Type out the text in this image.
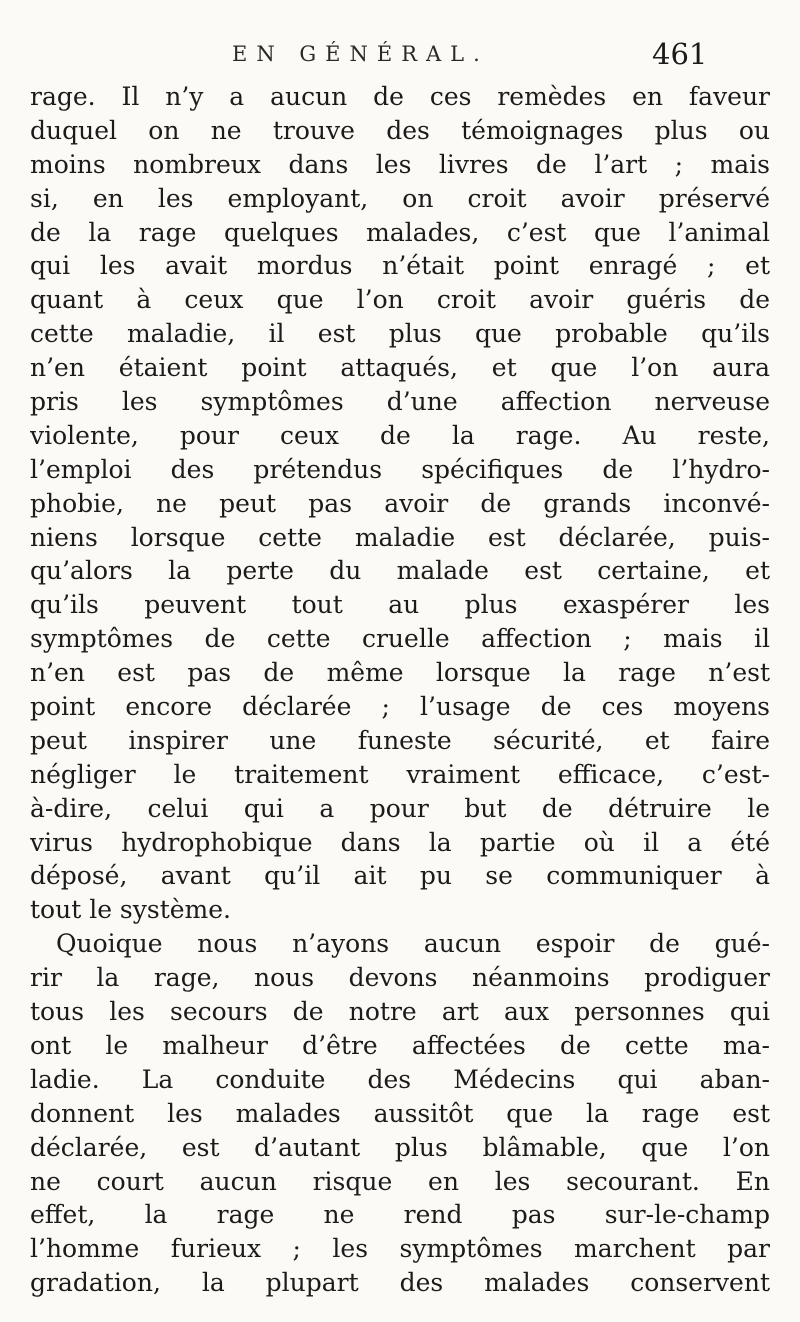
EN GÉNÉRAL.	461
rage. Il n’y a aucun de ces remèdes en faveur
duquel on ne trouve des témoignages plus ou
moins nombreux dans les livres de l’art ; mais
si, en les employant, on croit avoir préservé
de la rage quelques malades, c’est que l’animal
qui les avait mordus n’était point enragé ; et
quant à ceux que l’on croit avoir guéris de
cette maladie, il est plus que probable qu’ils
n’en étaient point attaqués, et que l’on aura
pris les symptômes d’une affection nerveuse
violente, pour ceux de la rage. Au reste,
l’emploi des prétendus spécifiques de l’hydro-
phobie, ne peut pas avoir de grands inconvé-
niens lorsque cette maladie est déclarée, puis-
qu’alors la perte du malade est certaine, et
qu’ils peuvent tout au plus exaspérer les
symptômes de cette cruelle affection ; mais il
n’en est pas de même lorsque la rage n’est
point encore déclarée ; l’usage de ces moyens
peut inspirer une funeste sécurité, et faire
négliger le traitement vraiment efficace, c’est-
à-dire, celui qui a pour but de détruire le
virus hydrophobique dans la partie où il a été
déposé, avant qu’il ait pu se communiquer à
tout le système.
Quoique nous n’ayons aucun espoir de gué-
rir la rage, nous devons néanmoins prodiguer
tous les secours de notre art aux personnes qui
ont le malheur d’être affectées de cette ma-
ladie. La conduite des Médecins qui aban-
donnent les malades aussitôt que la rage est
déclarée, est d’autant plus blâmable, que l’on
ne court aucun risque en les secourant. En
effet, la rage ne rend pas sur-le-champ
l’homme furieux ; les symptômes marchent par
gradation, la plupart des malades conservent
